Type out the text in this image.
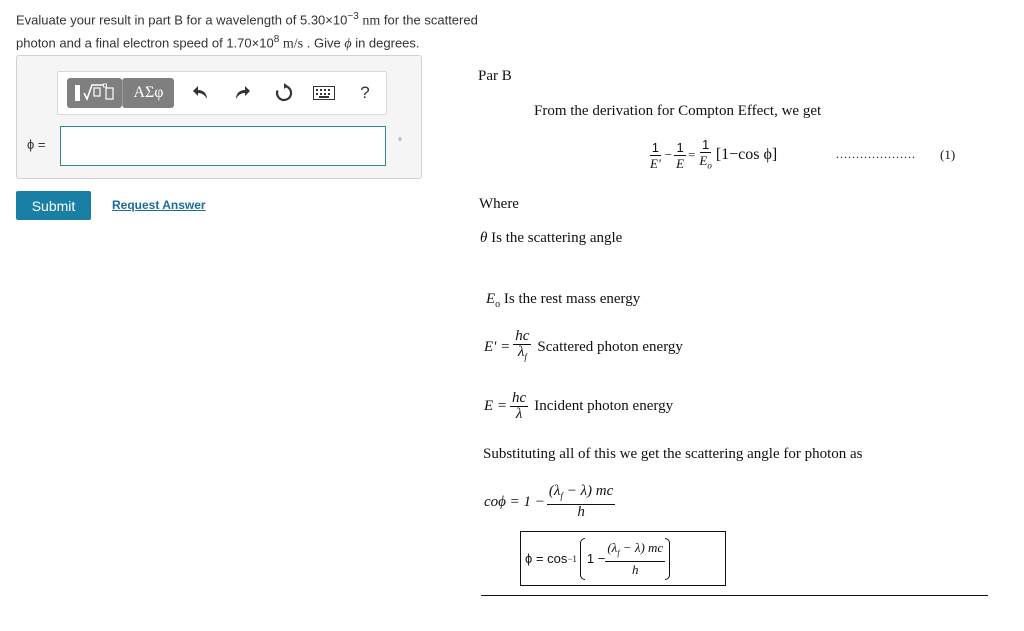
Evaluate your result in part B for a wavelength of $5.30\times 10^{-3}$ nm for the scattered
photon and a final electron speed of $1.70\times 10^8$ m/s . Give ϕ in degrees.
ΑΣφ	?
ϕ =	°
Submit	Request Answer
Par B
From the derivation for Compton Effect, we get
$\frac{1}{E'} - \frac{1}{E} = \frac{1}{E_o} [1-\cos$ ϕ]	.................... (1)
Where
θ Is the scattering angle
$E_o$ Is the rest mass energy
$E' = \frac{hc}{\lambda_f}$ Scattered photon energy
$E = \frac{hc}{\lambda}$ Incident photon energy
Substituting all of this we get the scattering angle for photon as
$co\phi = 1 - \frac{(\lambda_f - \lambda) mc}{h}$
ϕ = cos −1 $1 - \frac{(\lambda_f - \lambda) mc}{h}$
